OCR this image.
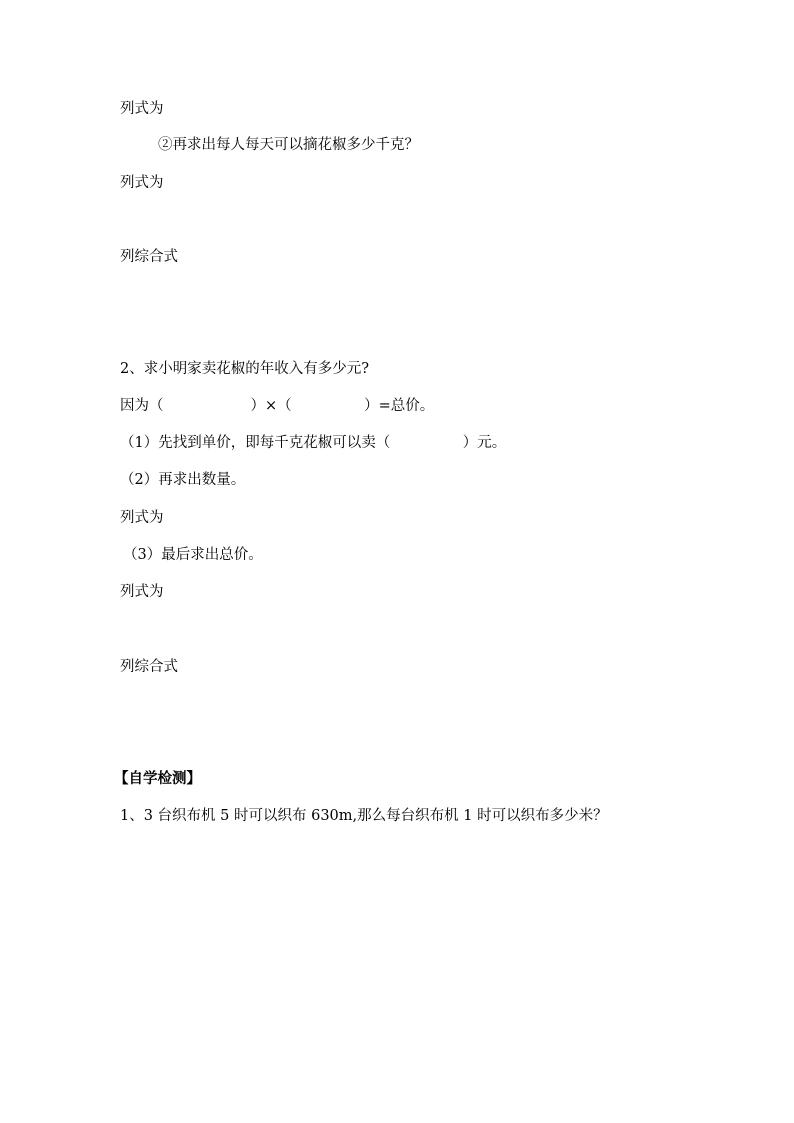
列式为
②再求出每人每天可以摘花椒多少千克？
列式为
列综合式
2、求小明家卖花椒的年收入有多少元?
因为（　　　　　　）×（　　　　　）=总价。
（1）先找到单价，即每千克花椒可以卖（　　　　　）元。
（2）再求出数量。
列式为
（3）最后求出总价。
列式为
列综合式
【自学检测】
1、3 台织布机 5 时可以织布 630m,那么每台织布机 1 时可以织布多少米？
